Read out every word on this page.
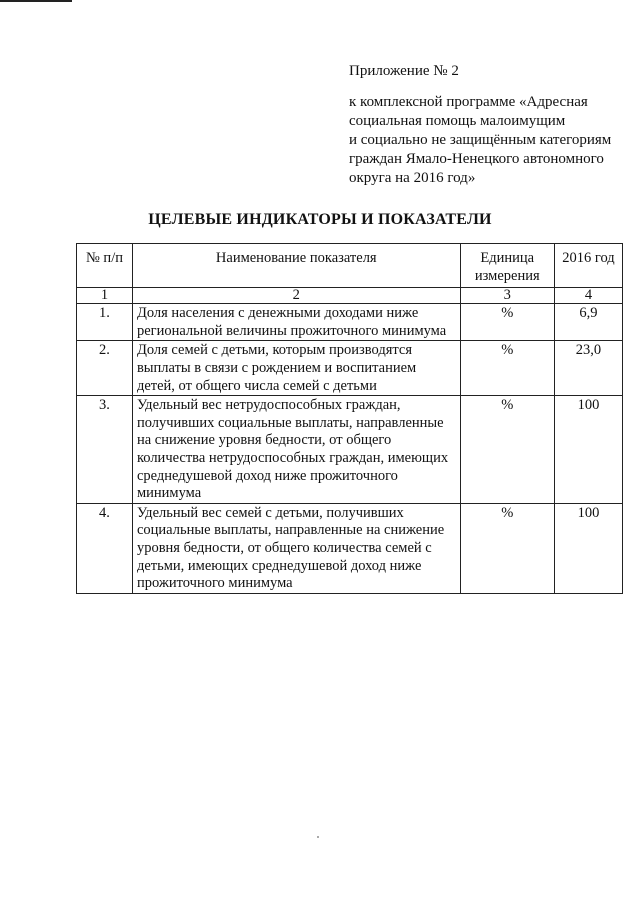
Приложение № 2
к комплексной программе «Адресная
социальная помощь малоимущим
и социально не защищённым категориям
граждан Ямало-Ненецкого автономного
округа на 2016 год»
ЦЕЛЕВЫЕ ИНДИКАТОРЫ И ПОКАЗАТЕЛИ
№ п/п	Наименование показателя	Единица измерения	2016 год
1	2	3	4
1.	Доля населения с денежными доходами ниже региональной величины прожиточного минимума	%	6,9
2.	Доля семей с детьми, которым производятся выплаты в связи с рождением и воспитанием детей, от общего числа семей с детьми	%	23,0
3.	Удельный вес нетрудоспособных граждан, получивших социальные выплаты, направленные на снижение уровня бедности, от общего количества нетрудоспособных граждан, имеющих среднедушевой доход ниже прожиточного минимума	%	100
4.	Удельный вес семей с детьми, получивших социальные выплаты, направленные на снижение уровня бедности, от общего количества семей с детьми, имеющих среднедушевой доход ниже прожиточного минимума	%	100
